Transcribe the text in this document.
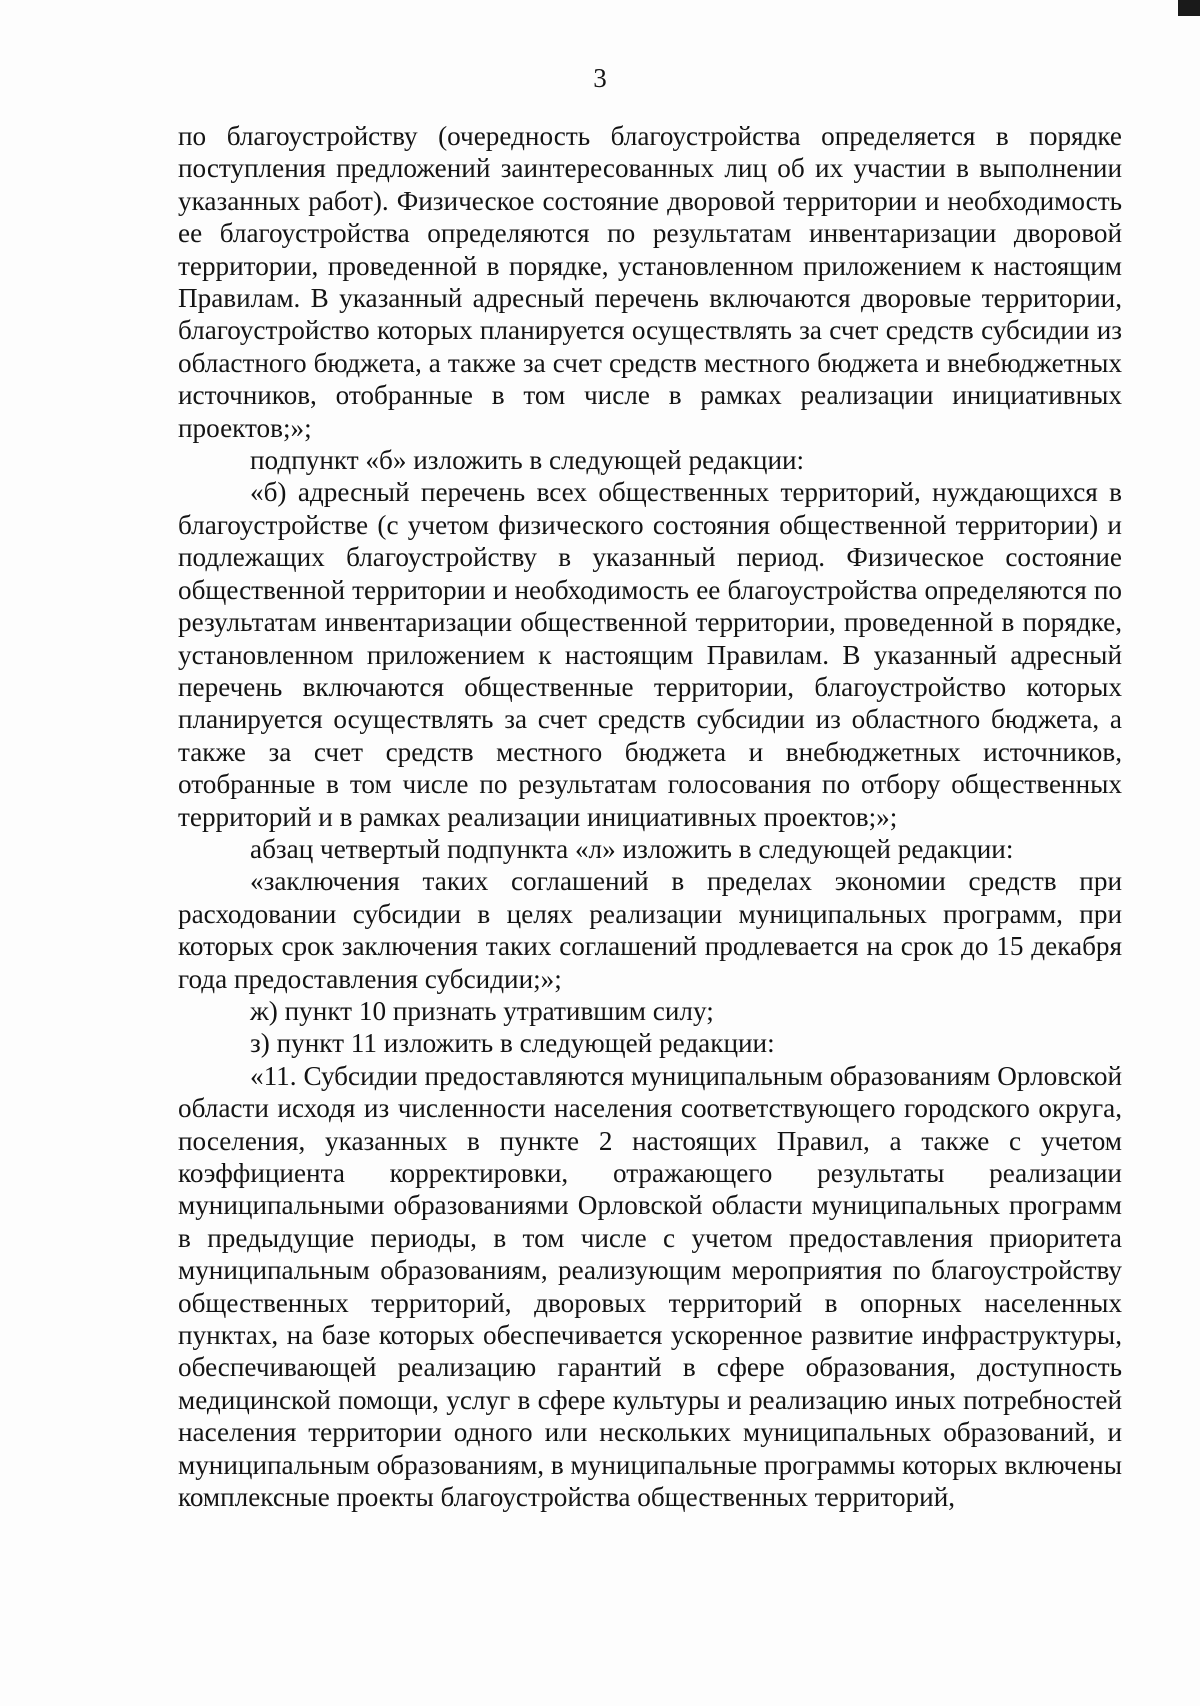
3

по благоустройству (очередность благоустройства определяется в порядке поступления предложений заинтересованных лиц об их участии в выполнении указанных работ). Физическое состояние дворовой территории и необходимость ее благоустройства определяются по результатам инвентаризации дворовой территории, проведенной в порядке, установленном приложением к настоящим Правилам. В указанный адресный перечень включаются дворовые территории, благоустройство которых планируется осуществлять за счет средств субсидии из областного бюджета, а также за счет средств местного бюджета и внебюджетных источников, отобранные в том числе в рамках реализации инициативных проектов;»;

подпункт «б» изложить в следующей редакции:

«б) адресный перечень всех общественных территорий, нуждающихся в благоустройстве (с учетом физического состояния общественной территории) и подлежащих благоустройству в указанный период. Физическое состояние общественной территории и необходимость ее благоустройства определяются по результатам инвентаризации общественной территории, проведенной в порядке, установленном приложением к настоящим Правилам. В указанный адресный перечень включаются общественные территории, благоустройство которых планируется осуществлять за счет средств субсидии из областного бюджета, а также за счет средств местного бюджета и внебюджетных источников, отобранные в том числе по результатам голосования по отбору общественных территорий и в рамках реализации инициативных проектов;»;

абзац четвертый подпункта «л» изложить в следующей редакции:

«заключения таких соглашений в пределах экономии средств при расходовании субсидии в целях реализации муниципальных программ, при которых срок заключения таких соглашений продлевается на срок до 15 декабря года предоставления субсидии;»;

ж) пункт 10 признать утратившим силу;

з) пункт 11 изложить в следующей редакции:

«11. Субсидии предоставляются муниципальным образованиям Орловской области исходя из численности населения соответствующего городского округа, поселения, указанных в пункте 2 настоящих Правил, а также с учетом коэффициента корректировки, отражающего результаты реализации муниципальными образованиями Орловской области муниципальных программ в предыдущие периоды, в том числе с учетом предоставления приоритета муниципальным образованиям, реализующим мероприятия по благоустройству общественных территорий, дворовых территорий в опорных населенных пунктах, на базе которых обеспечивается ускоренное развитие инфраструктуры, обеспечивающей реализацию гарантий в сфере образования, доступность медицинской помощи, услуг в сфере культуры и реализацию иных потребностей населения территории одного или нескольких муниципальных образований, и муниципальным образованиям, в муниципальные программы которых включены комплексные проекты благоустройства общественных территорий,
